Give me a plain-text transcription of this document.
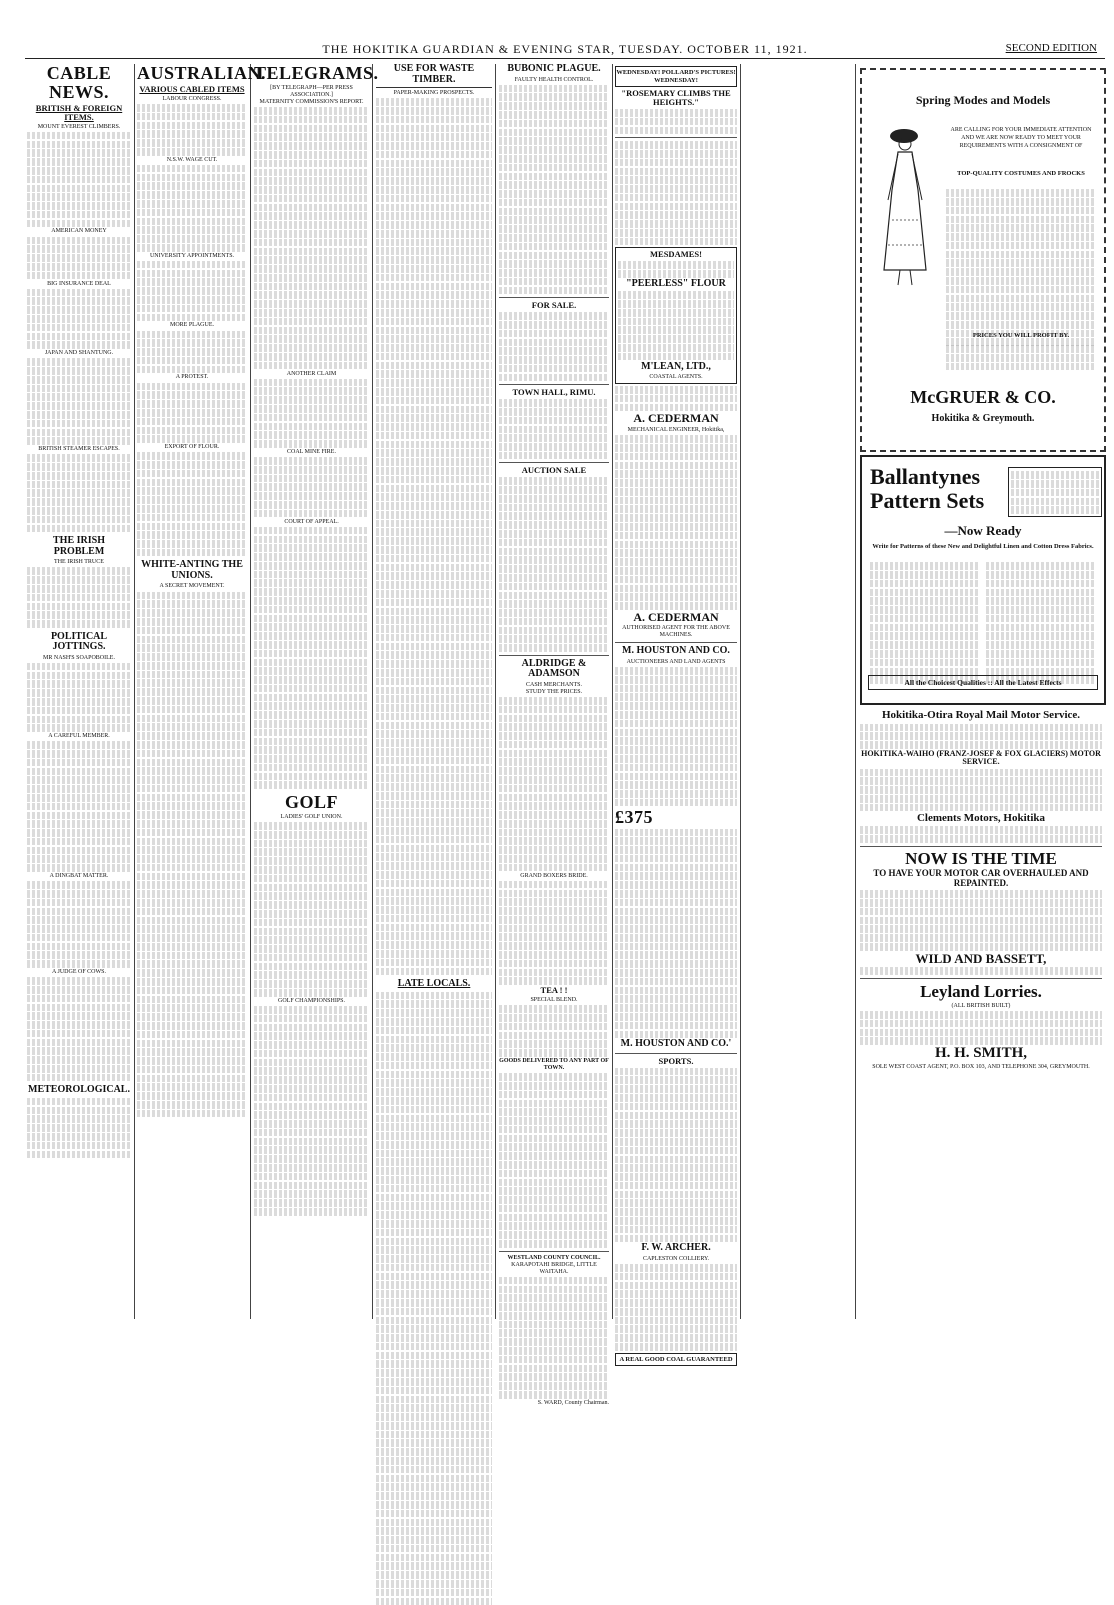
THE HOKITIKA GUARDIAN & EVENING STAR, TUESDAY. OCTOBER 11, 1921.	SECOND EDITION
CABLE NEWS.
BRITISH & FOREIGN ITEMS.
MOUNT EVEREST CLIMBERS.
AMERICAN MONEY
BIG INSURANCE DEAL
JAPAN AND SHANTUNG.
BRITISH STEAMER ESCAPES.
THE IRISH PROBLEM
THE IRISH TRUCE
POLITICAL JOTTINGS.
MR NASH'S SOAPOBOILE.
A CAREFUL MEMBER.
A DINGBAT MATTER.
A JUDGE OF COWS.
METEOROLOGICAL.
AUSTRALIAN.
VARIOUS CABLED ITEMS
LABOUR CONGRESS.
N.S.W. WAGE CUT.
UNIVERSITY APPOINTMENTS.
MORE PLAGUE.
A PROTEST.
EXPORT OF FLOUR.
WHITE-ANTING THE UNIONS.
A SECRET MOVEMENT.
TELEGRAMS.
[BY TELEGRAPH—PER PRESS ASSOCIATION.]
MATERNITY COMMISSION'S REPORT.
ANOTHER CLAIM
COAL MINE FIRE.
COURT OF APPEAL.
GOLF
LADIES' GOLF UNION.
GOLF CHAMPIONSHIPS.
USE FOR WASTE TIMBER.
PAPER-MAKING PROSPECTS.
LATE LOCALS.
BUBONIC PLAGUE.
FAULTY HEALTH CONTROL.
FOR SALE.
TOWN HALL, RIMU.
AUCTION SALE
ALDRIDGE & ADAMSON
CASH MERCHANTS.
STUDY THE PRICES.
GRAND BOXERS BRIDE.
TEA ! !
SPECIAL BLEND.
GOODS DELIVERED TO ANY PART OF TOWN.
WESTLAND COUNTY COUNCIL.
KARAPOTAHI BRIDGE, LITTLE WAITAHA.
S. WARD, County Chairman.
WEDNESDAY! POLLARD'S PICTURES! WEDNESDAY!
"ROSEMARY CLIMBS THE HEIGHTS."
MESDAMES!
"PEERLESS" FLOUR
M'LEAN, LTD.,
COASTAL AGENTS.
A. CEDERMAN
MECHANICAL ENGINEER, Hokitika,
A. CEDERMAN
AUTHORISED AGENT FOR THE ABOVE MACHINES.
M. HOUSTON AND CO.
AUCTIONEERS AND LAND AGENTS
£375
M. HOUSTON AND CO.'
SPORTS.
F. W. ARCHER.
CAPLESTON COLLIERY.
A REAL GOOD COAL GUARANTEED
Spring Modes and Models
ARE CALLING FOR YOUR IMMEDIATE ATTENTION AND WE ARE NOW READY TO MEET YOUR REQUIREMENTS WITH A CONSIGNMENT OF
TOP-QUALITY COSTUMES AND FROCKS
PRICES YOU WILL PROFIT BY.
McGRUER & CO.
Hokitika & Greymouth.
Ballantynes Pattern Sets
—Now Ready
Write for Patterns of these New and Delightful Linen and Cotton Dress Fabrics.
All the Choicest Qualities :: All the Latest Effects
Hokitika-Otira Royal Mail Motor Service.
HOKITIKA-WAIHO (FRANZ-JOSEF & FOX GLACIERS) MOTOR SERVICE.
Clements Motors, Hokitika
NOW IS THE TIME
TO HAVE YOUR MOTOR CAR OVERHAULED AND REPAINTED.
WILD AND BASSETT,
Leyland Lorries.
(ALL BRITISH BUILT)
H. H. SMITH,
SOLE WEST COAST AGENT, P.O. BOX 103, AND TELEPHONE 304, GREYMOUTH.
